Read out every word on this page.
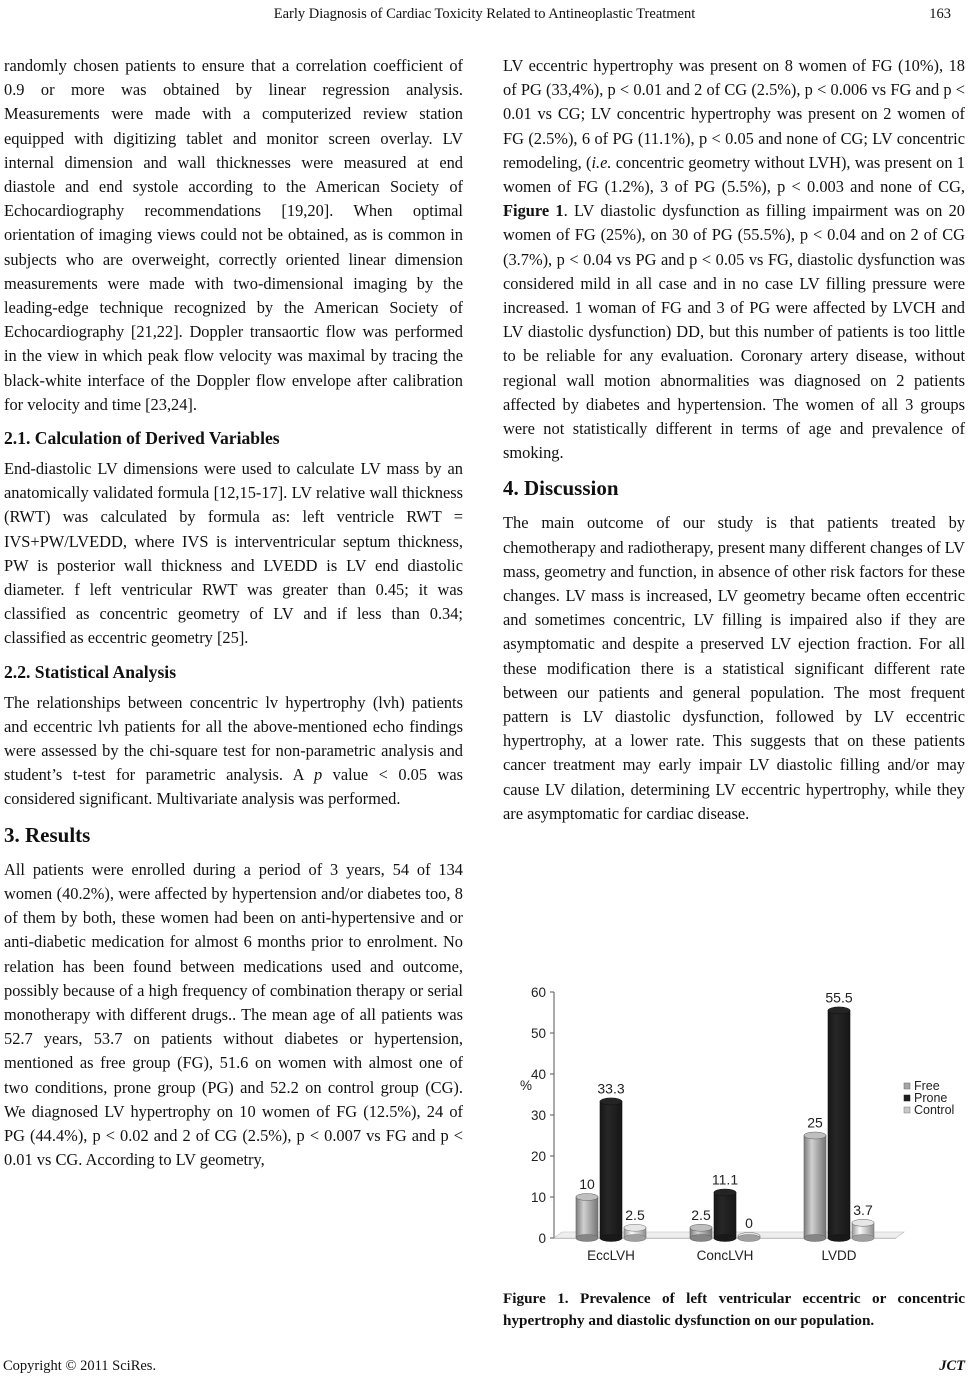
Early Diagnosis of Cardiac Toxicity Related to Antineoplastic Treatment	163

randomly chosen patients to ensure that a correlation coefficient of 0.9 or more was obtained by linear regression analysis. Measurements were made with a computerized review station equipped with digitizing tablet and monitor screen overlay. LV internal dimension and wall thicknesses were measured at end diastole and end systole according to the American Society of Echocardiography recommendations [19,20]. When optimal orientation of imaging views could not be obtained, as is common in subjects who are overweight, correctly oriented linear dimension measurements were made with two-dimensional imaging by the leading-edge technique recognized by the American Society of Echocardiography [21,22]. Doppler transaortic flow was performed in the view in which peak flow velocity was maximal by tracing the black-white interface of the Doppler flow envelope after calibration for velocity and time [23,24].

2.1. Calculation of Derived Variables

End-diastolic LV dimensions were used to calculate LV mass by an anatomically validated formula [12,15-17]. LV relative wall thickness (RWT) was calculated by formula as: left ventricle RWT = IVS+PW/LVEDD, where IVS is interventricular septum thickness, PW is posterior wall thickness and LVEDD is LV end diastolic diameter. f left ventricular RWT was greater than 0.45; it was classified as concentric geometry of LV and if less than 0.34; classified as eccentric geometry [25].

2.2. Statistical Analysis

The relationships between concentric lv hypertrophy (lvh) patients and eccentric lvh patients for all the above-mentioned echo findings were assessed by the chi-square test for non-parametric analysis and student’s t-test for parametric analysis. A p value < 0.05 was considered significant. Multivariate analysis was performed.

3. Results

All patients were enrolled during a period of 3 years, 54 of 134 women (40.2%), were affected by hypertension and/or diabetes too, 8 of them by both, these women had been on anti-hypertensive and or anti-diabetic medication for almost 6 months prior to enrolment. No relation has been found between medications used and outcome, possibly because of a high frequency of combination therapy or serial monotherapy with different drugs.. The mean age of all patients was 52.7 years, 53.7 on patients without diabetes or hypertension, mentioned as free group (FG), 51.6 on women with almost one of two conditions, prone group (PG) and 52.2 on control group (CG). We diagnosed LV hypertrophy on 10 women of FG (12.5%), 24 of PG (44.4%), p < 0.02 and 2 of CG (2.5%), p < 0.007 vs FG and p < 0.01 vs CG. According to LV geometry,

LV eccentric hypertrophy was present on 8 women of FG (10%), 18 of PG (33,4%), p < 0.01 and 2 of CG (2.5%), p < 0.006 vs FG and p < 0.01 vs CG; LV concentric hypertrophy was present on 2 women of FG (2.5%), 6 of PG (11.1%), p < 0.05 and none of CG; LV concentric remodeling, (i.e. concentric geometry without LVH), was present on 1 women of FG (1.2%), 3 of PG (5.5%), p < 0.003 and none of CG, Figure 1. LV diastolic dysfunction as filling impairment was on 20 women of FG (25%), on 30 of PG (55.5%), p < 0.04 and on 2 of CG (3.7%), p < 0.04 vs PG and p < 0.05 vs FG, diastolic dysfunction was considered mild in all case and in no case LV filling pressure were increased. 1 woman of FG and 3 of PG were affected by LVCH and LV diastolic dysfunction) DD, but this number of patients is too little to be reliable for any evaluation. Coronary artery disease, without regional wall motion abnormalities was diagnosed on 2 patients affected by diabetes and hypertension. The women of all 3 groups were not statistically different in terms of age and prevalence of smoking.

4. Discussion

The main outcome of our study is that patients treated by chemotherapy and radiotherapy, present many different changes of LV mass, geometry and function, in absence of other risk factors for these changes. LV mass is increased, LV geometry became often eccentric and sometimes concentric, LV filling is impaired also if they are asymptomatic and despite a preserved LV ejection fraction. For all these modification there is a statistical significant different rate between our patients and general population. The most frequent pattern is LV diastolic dysfunction, followed by LV eccentric hypertrophy, at a lower rate. This suggests that on these patients cancer treatment may early impair LV diastolic filling and/or may cause LV dilation, determining LV eccentric hypertrophy, while they are asymptomatic for cardiac disease.

0
10
20
30
40
50
60
%
10
33.3
2.5
EccLVH
2.5
11.1
0
ConcLVH
25
55.5
3.7
LVDD
Free
Prone
Control
Figure 1. Prevalence of left ventricular eccentric or concentric hypertrophy and diastolic dysfunction on our population.
Copyright © 2011 SciRes.	JCT
